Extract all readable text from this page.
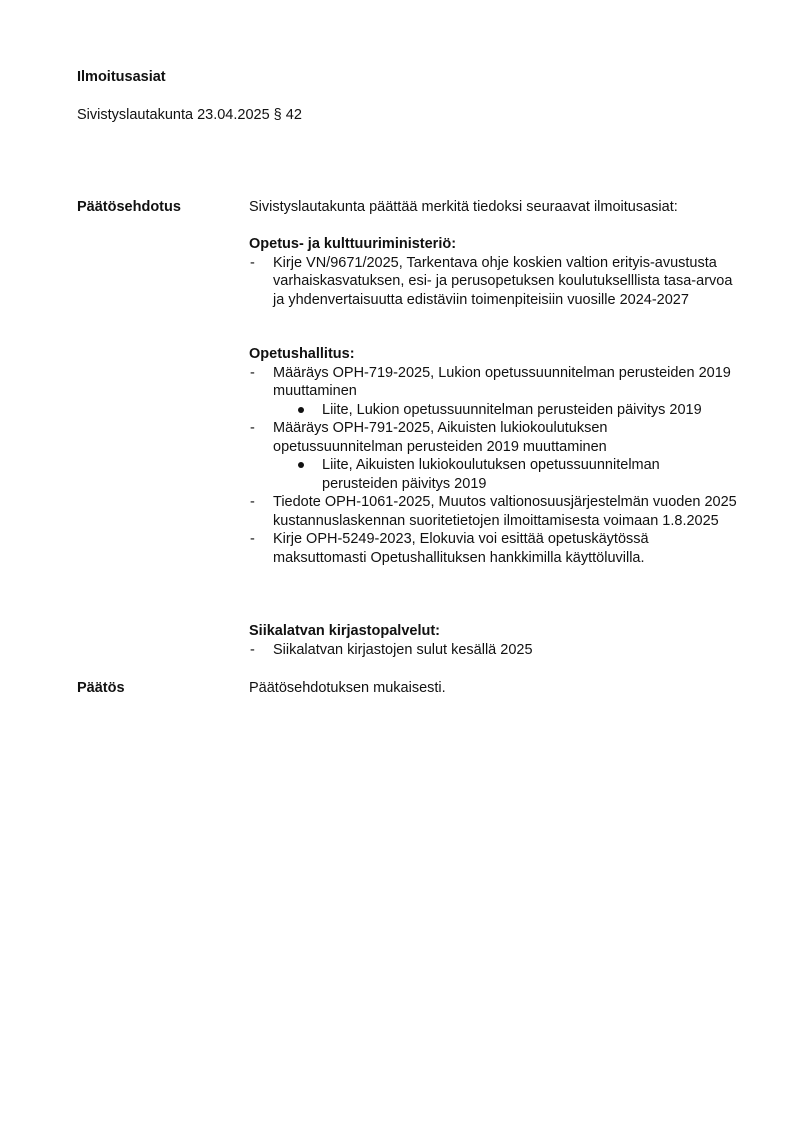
Ilmoitusasiat
Sivistyslautakunta 23.04.2025 § 42
Päätösehdotus	Sivistyslautakunta päättää merkitä tiedoksi seuraavat ilmoitusasiat:
Opetus- ja kulttuuriministeriö:
- Kirje VN/9671/2025, Tarkentava ohje koskien valtion erityis-avustusta varhaiskasvatuksen, esi- ja perusopetuksen koulutukselllista tasa-arvoa ja yhdenvertaisuutta edistäviin toimenpiteisiin vuosille 2024-2027
Opetushallitus:
- Määräys OPH-719-2025, Lukion opetussuunnitelman perusteiden 2019 muuttaminen
Liite, Lukion opetussuunnitelman perusteiden päivitys 2019
- Määräys OPH-791-2025, Aikuisten lukiokoulutuksen opetussuunnitelman perusteiden 2019 muuttaminen
Liite, Aikuisten lukiokoulutuksen opetussuunnitelman perusteiden päivitys 2019
- Tiedote OPH-1061-2025, Muutos valtionosuusjärjestelmän vuoden 2025 kustannuslaskennan suoritetietojen ilmoittamisesta voimaan 1.8.2025
- Kirje OPH-5249-2023, Elokuvia voi esittää opetuskäytössä maksuttomasti Opetushallituksen hankkimilla käyttöluvilla.
Siikalatvan kirjastopalvelut:
- Siikalatvan kirjastojen sulut kesällä 2025
Päätös	Päätösehdotuksen mukaisesti.
